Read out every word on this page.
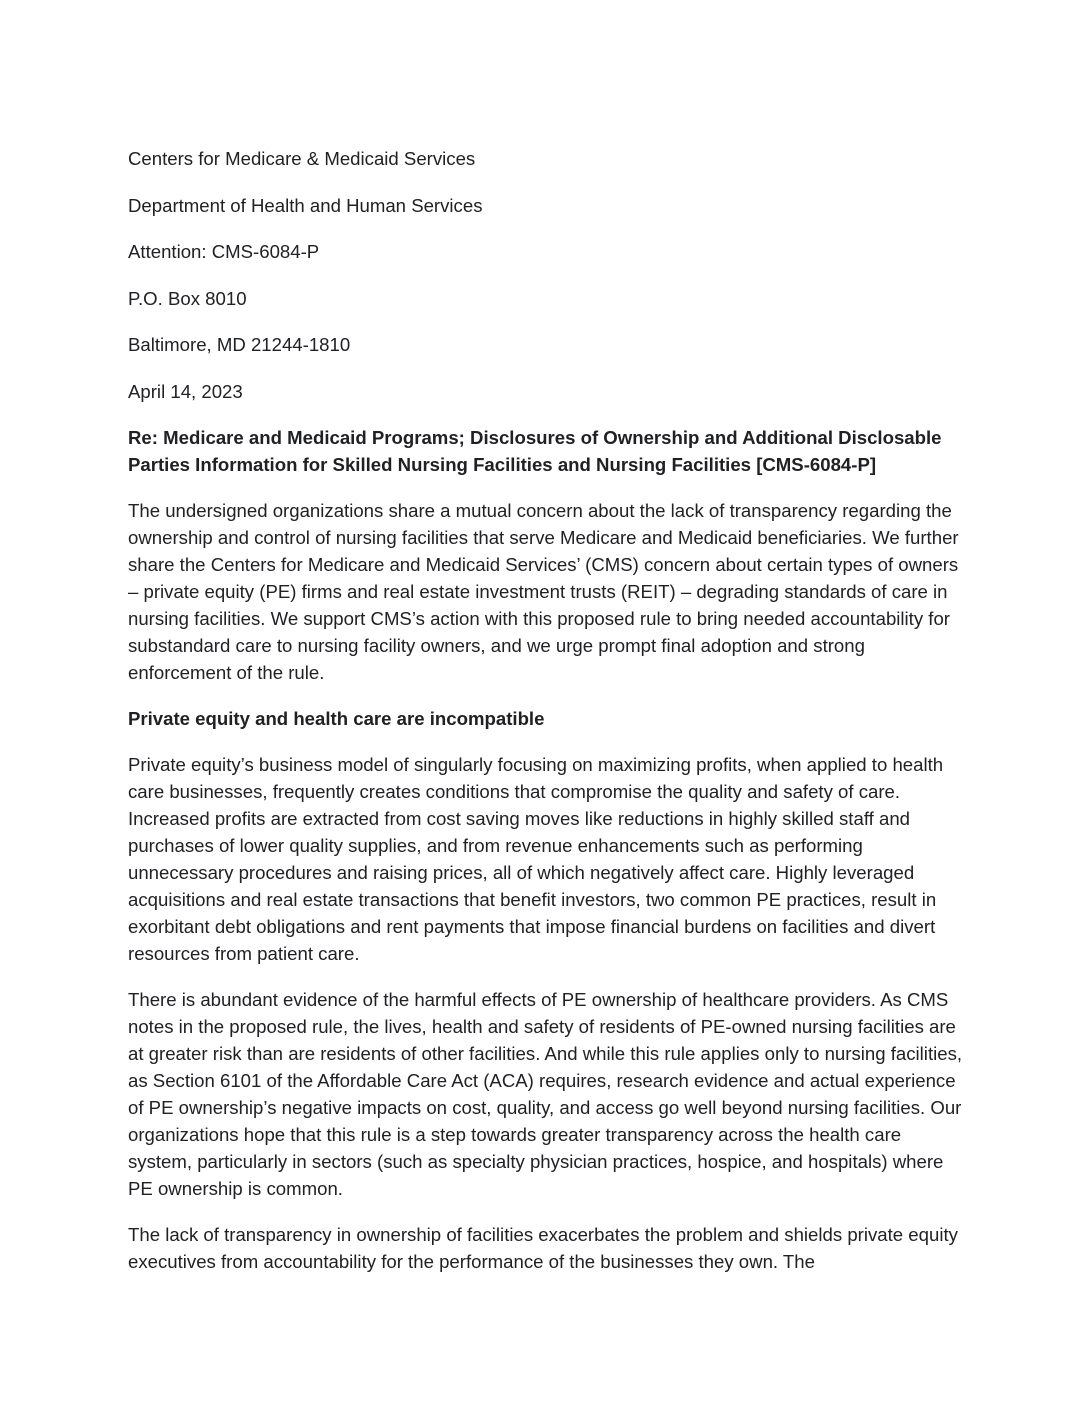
Centers for Medicare & Medicaid Services
Department of Health and Human Services
Attention: CMS-6084-P
P.O. Box 8010
Baltimore, MD 21244-1810
April 14, 2023
Re: Medicare and Medicaid Programs; Disclosures of Ownership and Additional Disclosable Parties Information for Skilled Nursing Facilities and Nursing Facilities [CMS-6084-P]
The undersigned organizations share a mutual concern about the lack of transparency regarding the ownership and control of nursing facilities that serve Medicare and Medicaid beneficiaries. We further share the Centers for Medicare and Medicaid Services’ (CMS) concern about certain types of owners – private equity (PE) firms and real estate investment trusts (REIT) – degrading standards of care in nursing facilities. We support CMS’s action with this proposed rule to bring needed accountability for substandard care to nursing facility owners, and we urge prompt final adoption and strong enforcement of the rule.
Private equity and health care are incompatible
Private equity’s business model of singularly focusing on maximizing profits, when applied to health care businesses, frequently creates conditions that compromise the quality and safety of care. Increased profits are extracted from cost saving moves like reductions in highly skilled staff and purchases of lower quality supplies, and from revenue enhancements such as performing unnecessary procedures and raising prices, all of which negatively affect care. Highly leveraged acquisitions and real estate transactions that benefit investors, two common PE practices, result in exorbitant debt obligations and rent payments that impose financial burdens on facilities and divert resources from patient care.
There is abundant evidence of the harmful effects of PE ownership of healthcare providers. As CMS notes in the proposed rule, the lives, health and safety of residents of PE-owned nursing facilities are at greater risk than are residents of other facilities. And while this rule applies only to nursing facilities, as Section 6101 of the Affordable Care Act (ACA) requires, research evidence and actual experience of PE ownership’s negative impacts on cost, quality, and access go well beyond nursing facilities. Our organizations hope that this rule is a step towards greater transparency across the health care system, particularly in sectors (such as specialty physician practices, hospice, and hospitals) where PE ownership is common.
The lack of transparency in ownership of facilities exacerbates the problem and shields private equity executives from accountability for the performance of the businesses they own. The
